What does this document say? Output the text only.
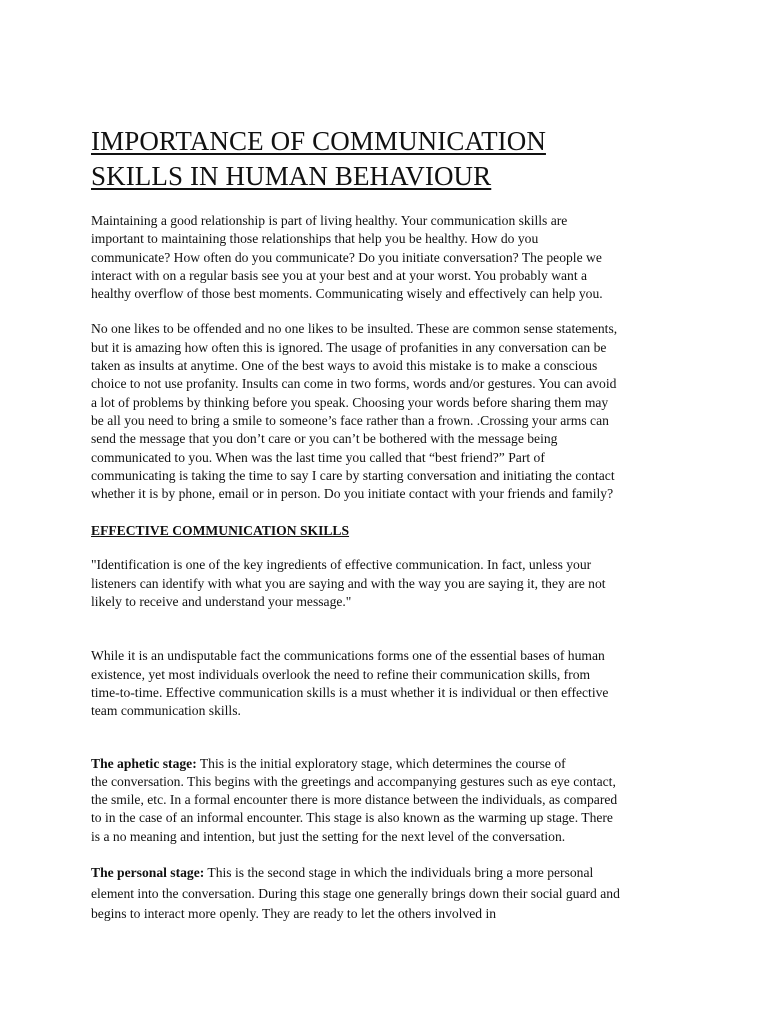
IMPORTANCE OF COMMUNICATION
SKILLS IN HUMAN BEHAVIOUR

Maintaining a good relationship is part of living healthy. Your communication skills are
important to maintaining those relationships that help you be healthy. How do you
communicate? How often do you communicate? Do you initiate conversation? The people we
interact with on a regular basis see you at your best and at your worst. You probably want a
healthy overflow of those best moments. Communicating wisely and effectively can help you.

No one likes to be offended and no one likes to be insulted. These are common sense statements,
but it is amazing how often this is ignored. The usage of profanities in any conversation can be
taken as insults at anytime. One of the best ways to avoid this mistake is to make a conscious
choice to not use profanity. Insults can come in two forms, words and/or gestures. You can avoid
a lot of problems by thinking before you speak. Choosing your words before sharing them may
be all you need to bring a smile to someone’s face rather than a frown. .Crossing your arms can
send the message that you don’t care or you can’t be bothered with the message being
communicated to you. When was the last time you called that “best friend?” Part of
communicating is taking the time to say I care by starting conversation and initiating the contact
whether it is by phone, email or in person. Do you initiate contact with your friends and family?

EFFECTIVE COMMUNICATION SKILLS

"Identification is one of the key ingredients of effective communication. In fact, unless your
listeners can identify with what you are saying and with the way you are saying it, they are not
likely to receive and understand your message."

While it is an undisputable fact the communications forms one of the essential bases of human
existence, yet most individuals overlook the need to refine their communication skills, from
time-to-time. Effective communication skills is a must whether it is individual or then effective
team communication skills.

The aphetic stage: This is the initial exploratory stage, which determines the course of
the conversation. This begins with the greetings and accompanying gestures such as eye contact,
the smile, etc. In a formal encounter there is more distance between the individuals, as compared
to in the case of an informal encounter. This stage is also known as the warming up stage. There
is a no meaning and intention, but just the setting for the next level of the conversation.

The personal stage: This is the second stage in which the individuals bring a more personal
element into the conversation. During this stage one generally brings down their social guard and
begins to interact more openly. They are ready to let the others involved in
